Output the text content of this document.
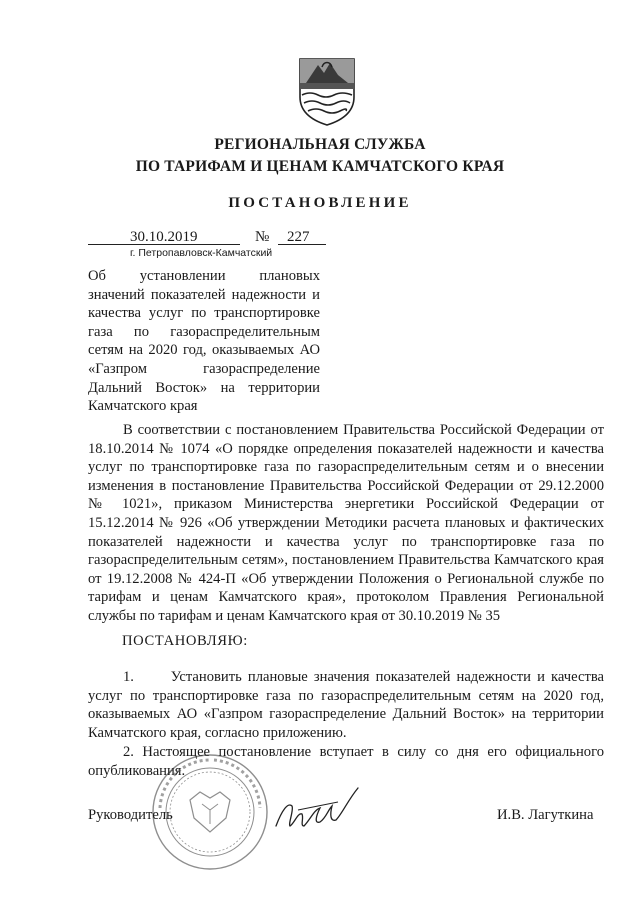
РЕГИОНАЛЬНАЯ СЛУЖБА
ПО ТАРИФАМ И ЦЕНАМ КАМЧАТСКОГО КРАЯ
ПОСТАНОВЛЕНИЕ
30.10.2019	№ 227
г. Петропавловск-Камчатский
Об установлении плановых значений показателей надежности и качества услуг по транспортировке газа по газораспределительным сетям на 2020 год, оказываемых АО «Газпром газораспределение Дальний Восток» на территории Камчатского края
В соответствии с постановлением Правительства Российской Федерации от 18.10.2014 № 1074 «О порядке определения показателей надежности и качества услуг по транспортировке газа по газораспределительным сетям и о внесении изменения в постановление Правительства Российской Федерации от 29.12.2000 № 1021», приказом Министерства энергетики Российской Федерации от 15.12.2014 № 926 «Об утверждении Методики расчета плановых и фактических показателей надежности и качества услуг по транспортировке газа по газораспределительным сетям», постановлением Правительства Камчатского края от 19.12.2008 № 424-П «Об утверждении Положения о Региональной службе по тарифам и ценам Камчатского края», протоколом Правления Региональной службы по тарифам и ценам Камчатского края от 30.10.2019 № 35
ПОСТАНОВЛЯЮ:
1.      Установить плановые значения показателей надежности и качества услуг по транспортировке газа по газораспределительным сетям на 2020 год, оказываемых АО «Газпром газораспределение Дальний Восток» на территории Камчатского края, согласно приложению.
2. Настоящее постановление вступает в силу со дня его официального опубликования.
Руководитель	И.В. Лагуткина
